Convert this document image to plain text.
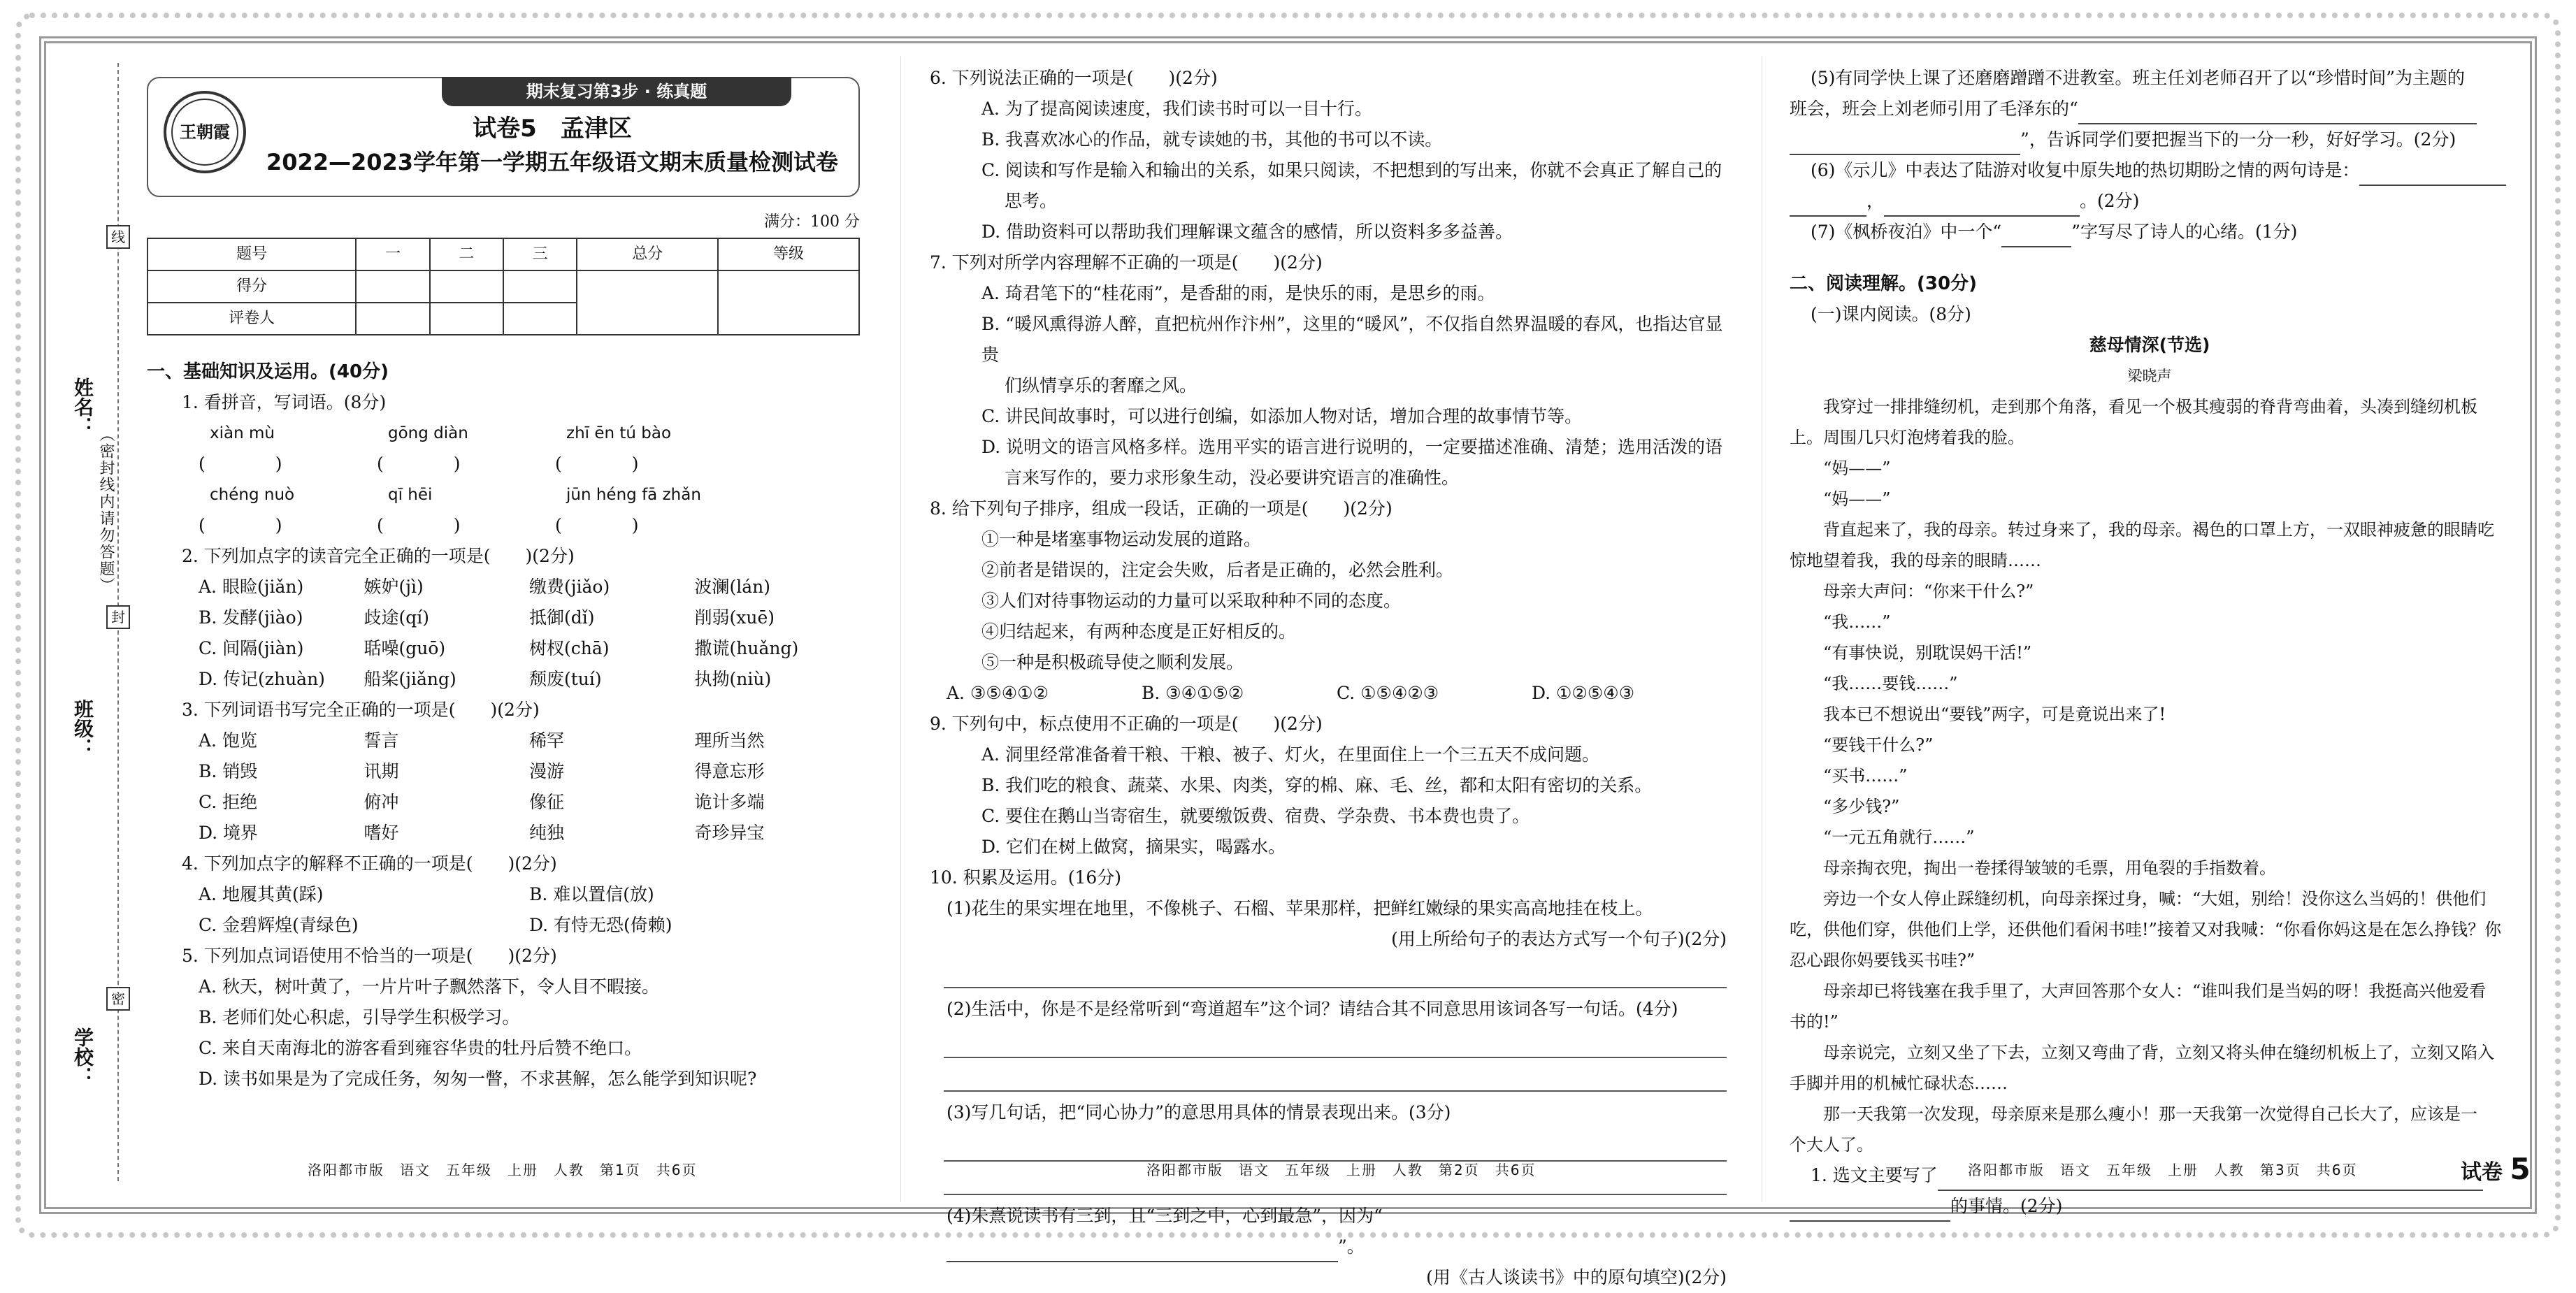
线
封
密
姓名：
（密封线内请勿答题）
班级：
学校：
期末复习第3步 · 练真题
王朝霞	试卷5　孟津区
2022—2023学年第一学期五年级语文期末质量检测试卷
满分：100 分
题号	一	二	三	总分	等级
得分					
评卷人					
一、基础知识及运用。(40分)
1. 看拼音，写词语。(8分)
xiàn mù	gōng diàn	zhī ēn tú bào
(　　　　)	(　　　　)	(　　　　)
chéng nuò	qī hēi	jūn héng fā zhǎn
(　　　　)	(　　　　)	(　　　　)
2. 下列加点字的读音完全正确的一项是(　　)(2分)
A. 眼睑(jiǎn)	嫉妒(jì)	缴费(jiǎo)	波澜(lán)
B. 发酵(jiào)	歧途(qí)	抵御(dǐ)	削弱(xuē)
C. 间隔(jiàn)	聒噪(guō)	树杈(chā)	撒谎(huǎng)
D. 传记(zhuàn)	船桨(jiǎng)	颓废(tuí)	执拗(niù)
3. 下列词语书写完全正确的一项是(　　)(2分)
A. 饱览	誓言	稀罕	理所当然
B. 销毁	讯期	漫游	得意忘形
C. 拒绝	俯冲	像征	诡计多端
D. 境界	嗜好	纯独	奇珍异宝
4. 下列加点字的解释不正确的一项是(　　)(2分)
A. 地履其黄(踩)	B. 难以置信(放)
C. 金碧辉煌(青绿色)	D. 有恃无恐(倚赖)
5. 下列加点词语使用不恰当的一项是(　　)(2分)
A. 秋天，树叶黄了，一片片叶子飘然落下，令人目不暇接。
B. 老师们处心积虑，引导学生积极学习。
C. 来自天南海北的游客看到雍容华贵的牡丹后赞不绝口。
D. 读书如果是为了完成任务，匆匆一瞥，不求甚解，怎么能学到知识呢?
洛阳都市版　语文　五年级　上册　人教　第1页　共6页
6. 下列说法正确的一项是(　　)(2分)
A. 为了提高阅读速度，我们读书时可以一目十行。
B. 我喜欢冰心的作品，就专读她的书，其他的书可以不读。
C. 阅读和写作是输入和输出的关系，如果只阅读，不把想到的写出来，你就不会真正了解自己的
　 思考。
D. 借助资料可以帮助我们理解课文蕴含的感情，所以资料多多益善。
7. 下列对所学内容理解不正确的一项是(　　)(2分)
A. 琦君笔下的“桂花雨”，是香甜的雨，是快乐的雨，是思乡的雨。
B. “暖风熏得游人醉，直把杭州作汴州”，这里的“暖风”，不仅指自然界温暖的春风，也指达官显贵
　 们纵情享乐的奢靡之风。
C. 讲民间故事时，可以进行创编，如添加人物对话，增加合理的故事情节等。
D. 说明文的语言风格多样。选用平实的语言进行说明的，一定要描述准确、清楚；选用活泼的语
　 言来写作的，要力求形象生动，没必要讲究语言的准确性。
8. 给下列句子排序，组成一段话，正确的一项是(　　)(2分)
①一种是堵塞事物运动发展的道路。
②前者是错误的，注定会失败，后者是正确的，必然会胜利。
③人们对待事物运动的力量可以采取种种不同的态度。
④归结起来，有两种态度是正好相反的。
⑤一种是积极疏导使之顺利发展。
A. ③⑤④①②	B. ③④①⑤②	C. ①⑤④②③	D. ①②⑤④③
9. 下列句中，标点使用不正确的一项是(　　)(2分)
A. 洞里经常准备着干粮、干粮、被子、灯火，在里面住上一个三五天不成问题。
B. 我们吃的粮食、蔬菜、水果、肉类，穿的棉、麻、毛、丝，都和太阳有密切的关系。
C. 要住在鹅山当寄宿生，就要缴饭费、宿费、学杂费、书本费也贵了。
D. 它们在树上做窝，摘果实，喝露水。
10. 积累及运用。(16分)
(1)花生的果实埋在地里，不像桃子、石榴、苹果那样，把鲜红嫩绿的果实高高地挂在枝上。
(用上所给句子的表达方式写一个句子)(2分)
(2)生活中，你是不是经常听到“弯道超车”这个词？请结合其不同意思用该词各写一句话。(4分)
(3)写几句话，把“同心协力”的意思用具体的情景表现出来。(3分)
(4)朱熹说读书有三到，且“三到之中，心到最急”，因为“”。
(用《古人谈读书》中的原句填空)(2分)
洛阳都市版　语文　五年级　上册　人教　第2页　共6页
(5)有同学快上课了还磨磨蹭蹭不进教室。班主任刘老师召开了以“珍惜时间”为主题的
班会，班会上刘老师引用了毛泽东的“
”，告诉同学们要把握当下的一分一秒，好好学习。(2分)
(6)《示儿》中表达了陆游对收复中原失地的热切期盼之情的两句诗是：
，	。(2分)
(7)《枫桥夜泊》中一个“	”字写尽了诗人的心绪。(1分)
二、阅读理解。(30分)
(一)课内阅读。(8分)
慈母情深(节选)
梁晓声
我穿过一排排缝纫机，走到那个角落，看见一个极其瘦弱的脊背弯曲着，头凑到缝纫机板
上。周围几只灯泡烤着我的脸。
“妈——”
“妈——”
背直起来了，我的母亲。转过身来了，我的母亲。褐色的口罩上方，一双眼神疲惫的眼睛吃
惊地望着我，我的母亲的眼睛……
母亲大声问：“你来干什么?”
“我……”
“有事快说，别耽误妈干活!”
“我……要钱……”
我本已不想说出“要钱”两字，可是竟说出来了!
“要钱干什么?”
“买书……”
“多少钱?”
“一元五角就行……”
母亲掏衣兜，掏出一卷揉得皱皱的毛票，用龟裂的手指数着。
旁边一个女人停止踩缝纫机，向母亲探过身，喊：“大姐，别给！没你这么当妈的！供他们
吃，供他们穿，供他们上学，还供他们看闲书哇!”接着又对我喊：“你看你妈这是在怎么挣钱？你
忍心跟你妈要钱买书哇?”
母亲却已将钱塞在我手里了，大声回答那个女人：“谁叫我们是当妈的呀！我挺高兴他爱看
书的!”
母亲说完，立刻又坐了下去，立刻又弯曲了背，立刻又将头伸在缝纫机板上了，立刻又陷入
手脚并用的机械忙碌状态……
那一天我第一次发现，母亲原来是那么瘦小！那一天我第一次觉得自己长大了，应该是一
个大人了。
1. 选文主要写了
的事情。(2分)
洛阳都市版　语文　五年级　上册　人教　第3页　共6页	试卷 5
